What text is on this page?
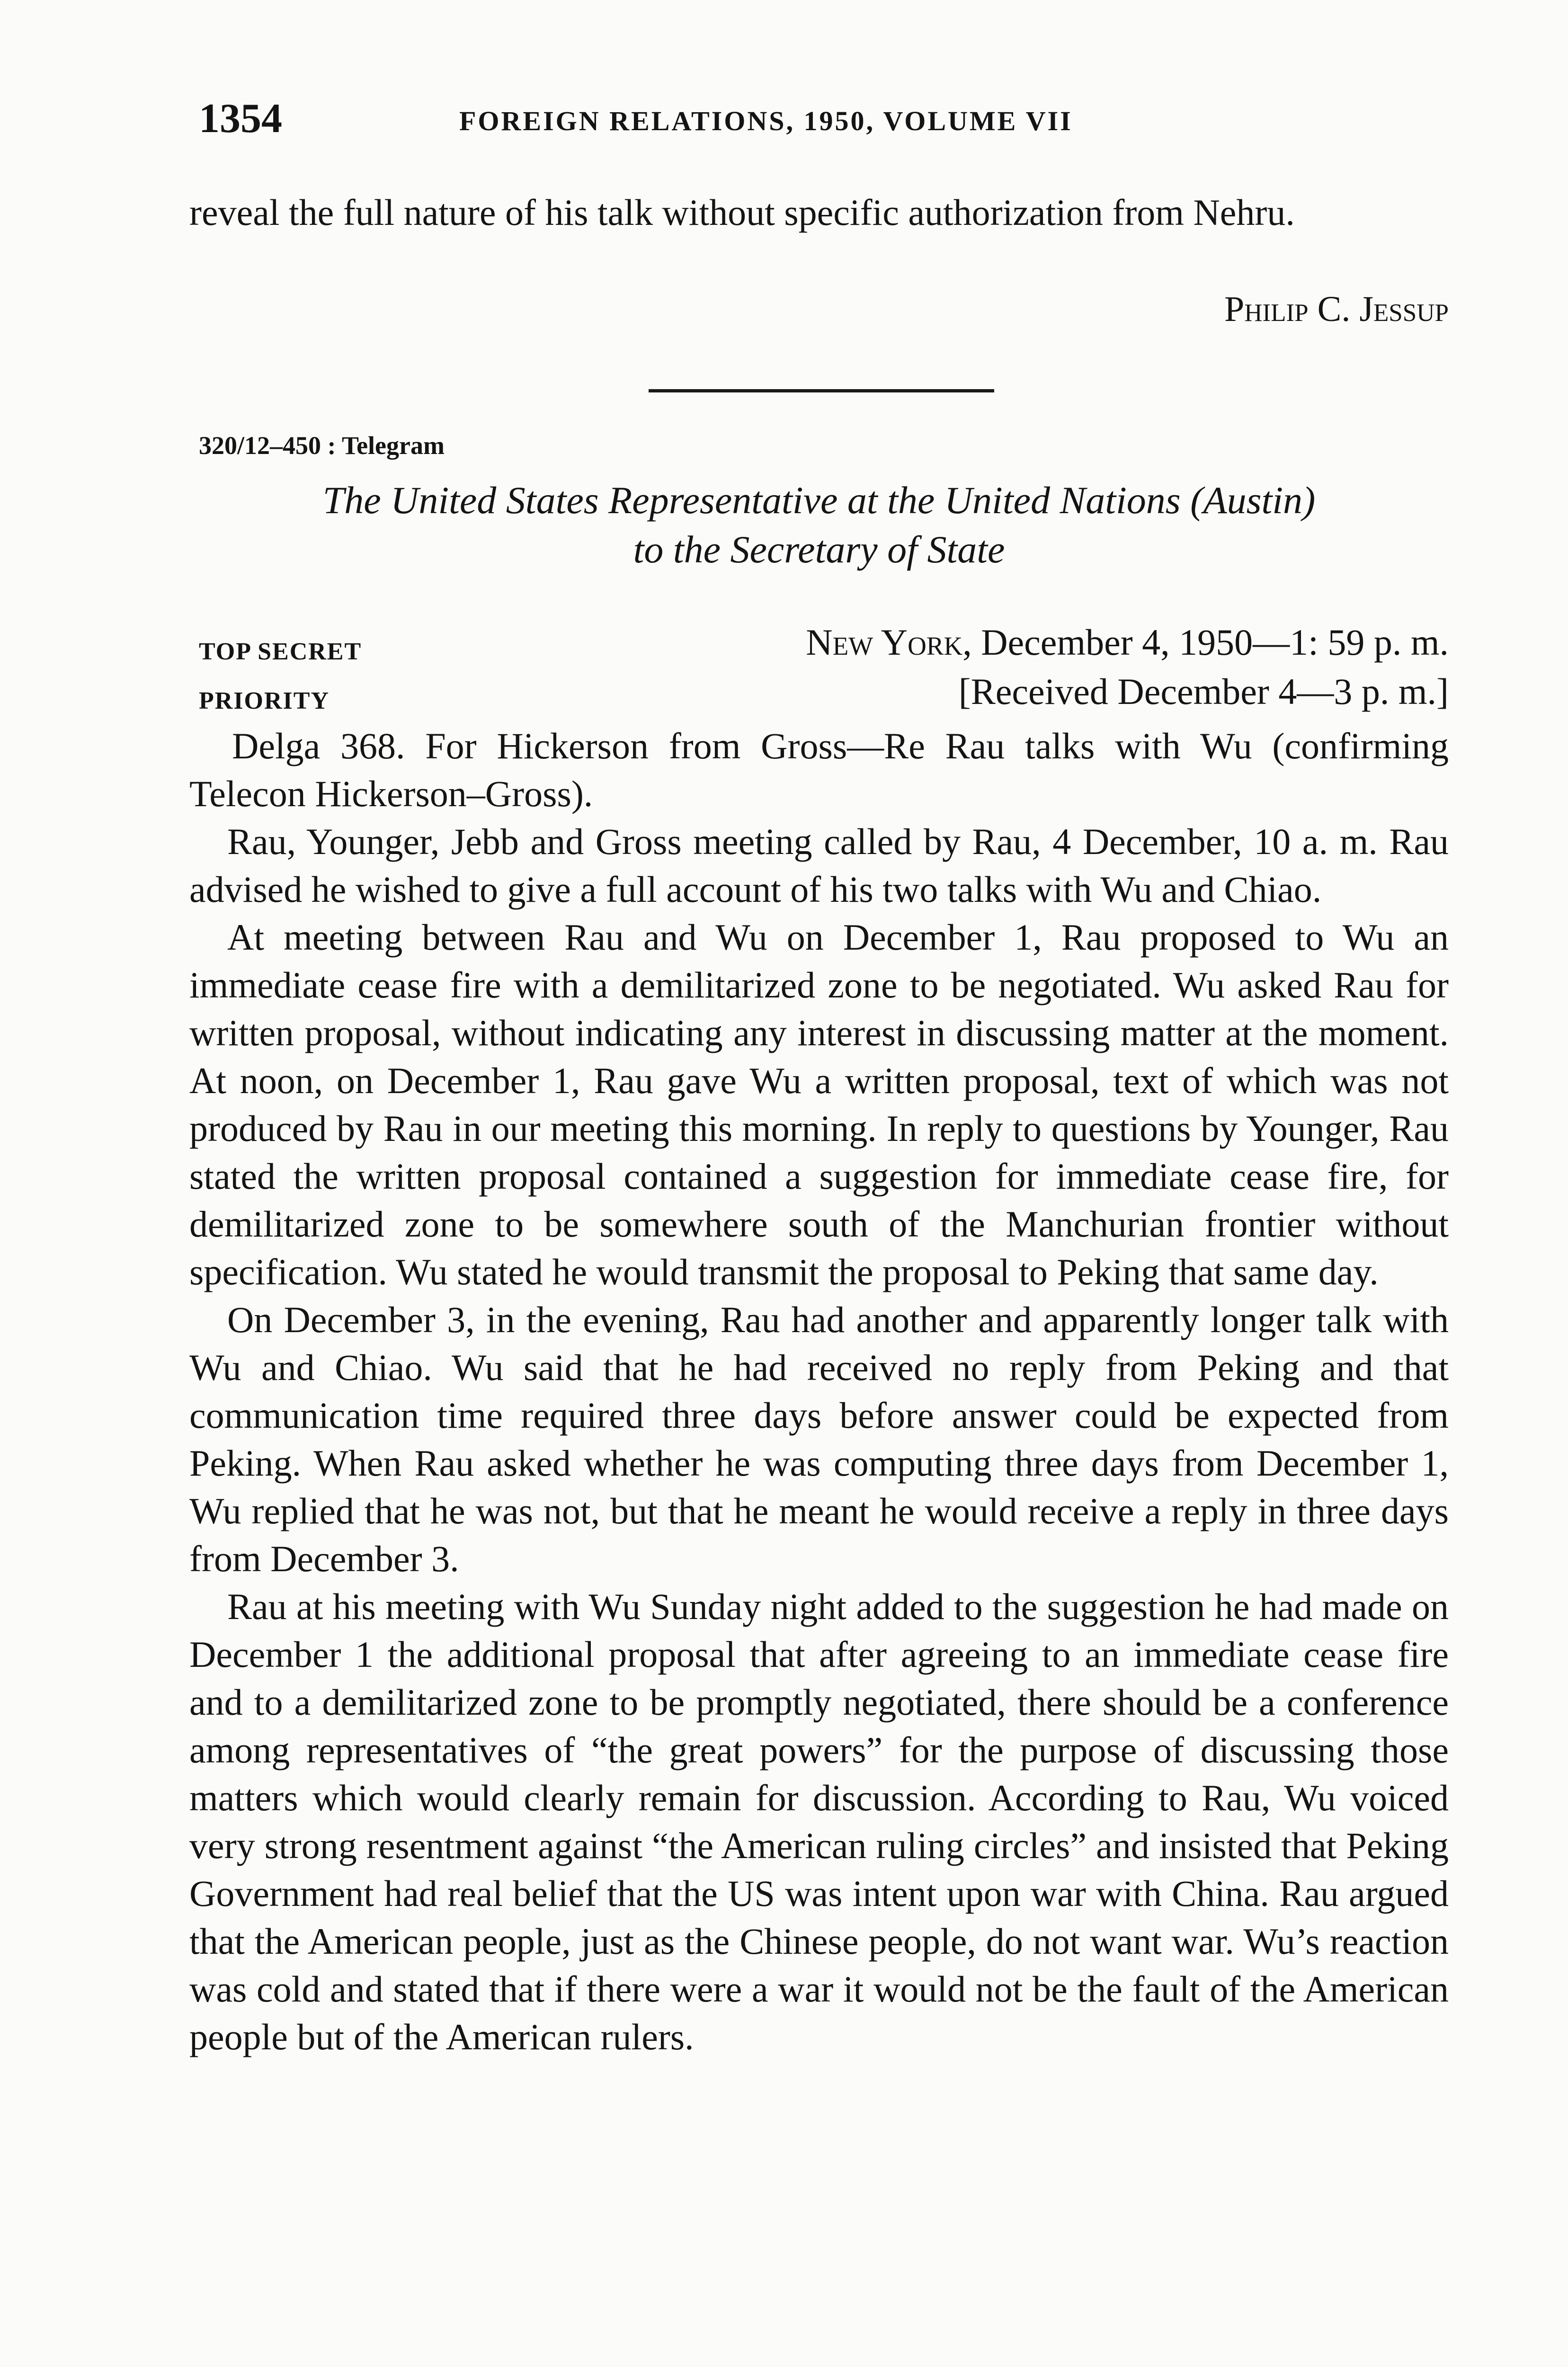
1354	FOREIGN RELATIONS, 1950, VOLUME VII
reveal the full nature of his talk without specific authorization from Nehru.
Philip C. Jessup
320/12–450 : Telegram
The United States Representative at the United Nations (Austin)
to the Secretary of State
TOP SECRET
PRIORITY
New York, December 4, 1950—1: 59 p. m.
[Received December 4—3 p. m.]

Delga 368. For Hickerson from Gross—Re Rau talks with Wu (confirming Telecon Hickerson–Gross).

Rau, Younger, Jebb and Gross meeting called by Rau, 4 December, 10 a. m. Rau advised he wished to give a full account of his two talks with Wu and Chiao.

At meeting between Rau and Wu on December 1, Rau proposed to Wu an immediate cease fire with a demilitarized zone to be negotiated. Wu asked Rau for written proposal, without indicating any interest in discussing matter at the moment. At noon, on December 1, Rau gave Wu a written proposal, text of which was not produced by Rau in our meeting this morning. In reply to questions by Younger, Rau stated the written proposal contained a suggestion for immediate cease fire, for demilitarized zone to be somewhere south of the Manchurian frontier without specification. Wu stated he would transmit the proposal to Peking that same day.

On December 3, in the evening, Rau had another and apparently longer talk with Wu and Chiao. Wu said that he had received no reply from Peking and that communication time required three days before answer could be expected from Peking. When Rau asked whether he was computing three days from December 1, Wu replied that he was not, but that he meant he would receive a reply in three days from December 3.

Rau at his meeting with Wu Sunday night added to the suggestion he had made on December 1 the additional proposal that after agreeing to an immediate cease fire and to a demilitarized zone to be promptly negotiated, there should be a conference among representatives of “the great powers” for the purpose of discussing those matters which would clearly remain for discussion. According to Rau, Wu voiced very strong resentment against “the American ruling circles” and insisted that Peking Government had real belief that the US was intent upon war with China. Rau argued that the American people, just as the Chinese people, do not want war. Wu’s reaction was cold and stated that if there were a war it would not be the fault of the American people but of the American rulers.
